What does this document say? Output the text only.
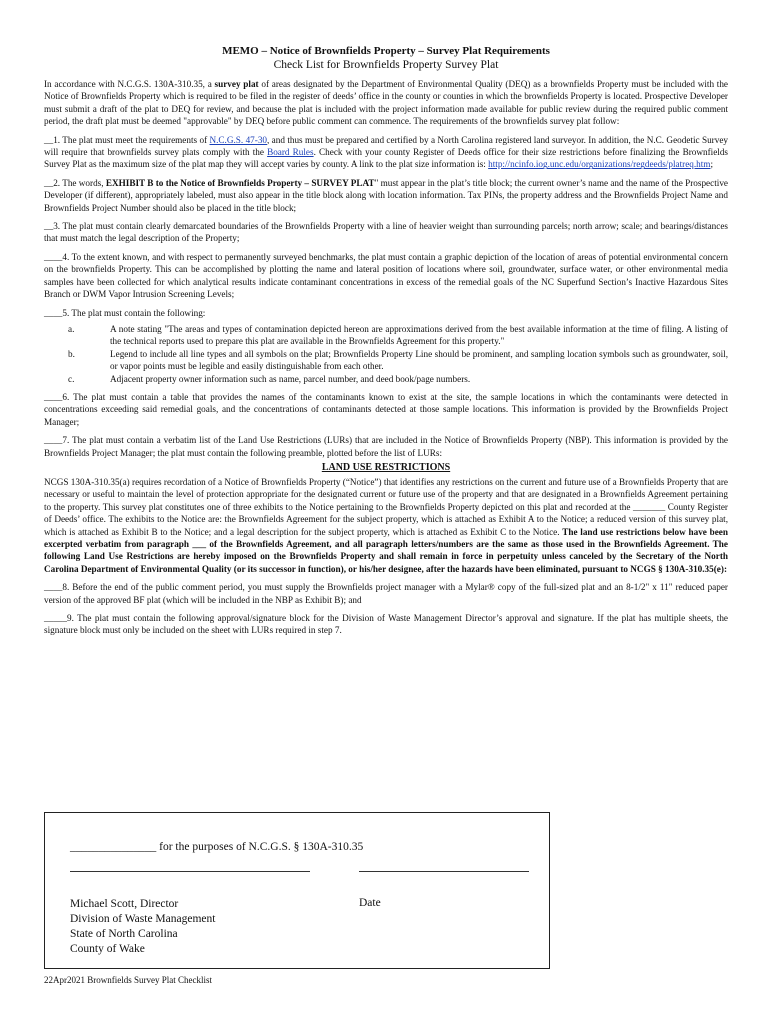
MEMO – Notice of Brownfields Property – Survey Plat Requirements
Check List for Brownfields Property Survey Plat

In accordance with N.C.G.S. 130A-310.35, a survey plat of areas designated by the Department of Environmental Quality (DEQ) as a brownfields Property must be included with the Notice of Brownfields Property which is required to be filed in the register of deeds’ office in the county or counties in which the brownfields Property is located. Prospective Developer must submit a draft of the plat to DEQ for review, and because the plat is included with the project information made available for public review during the required public comment period, the draft plat must be deemed "approvable" by DEQ before public comment can commence. The requirements of the brownfields survey plat follow:

__1. The plat must meet the requirements of N.C.G.S. 47-30, and thus must be prepared and certified by a North Carolina registered land surveyor. In addition, the N.C. Geodetic Survey will require that brownfields survey plats comply with the Board Rules. Check with your county Register of Deeds office for their size restrictions before finalizing the Brownfields Survey Plat as the maximum size of the plat map they will accept varies by county. A link to the plat size information is: http://ncinfo.iog.unc.edu/organizations/regdeeds/platreq.htm;

__2. The words, EXHIBIT B to the Notice of Brownfields Property – SURVEY PLAT" must appear in the plat’s title block; the current owner’s name and the name of the Prospective Developer (if different), appropriately labeled, must also appear in the title block along with location information. Tax PINs, the property address and the Brownfields Project Name and Brownfields Project Number should also be placed in the title block;

__3. The plat must contain clearly demarcated boundaries of the Brownfields Property with a line of heavier weight than surrounding parcels; north arrow; scale; and bearings/distances that must match the legal description of the Property;

____4. To the extent known, and with respect to permanently surveyed benchmarks, the plat must contain a graphic depiction of the location of areas of potential environmental concern on the brownfields Property. This can be accomplished by plotting the name and lateral position of locations where soil, groundwater, surface water, or other environmental media samples have been collected for which analytical results indicate contaminant concentrations in excess of the remedial goals of the NC Superfund Section’s Inactive Hazardous Sites Branch or DWM Vapor Intrusion Screening Levels;

____5. The plat must contain the following:

a.	A note stating "The areas and types of contamination depicted hereon are approximations derived from the best available information at the time of filing. A listing of the technical reports used to prepare this plat are available in the Brownfields Agreement for this property."
b.	Legend to include all line types and all symbols on the plat; Brownfields Property Line should be prominent, and sampling location symbols such as groundwater, soil, or vapor points must be legible and easily distinguishable from each other.
c.	Adjacent property owner information such as name, parcel number, and deed book/page numbers.

____6. The plat must contain a table that provides the names of the contaminants known to exist at the site, the sample locations in which the contaminants were detected in concentrations exceeding said remedial goals, and the concentrations of contaminants detected at those sample locations. This information is provided by the Brownfields Project Manager;

____7. The plat must contain a verbatim list of the Land Use Restrictions (LURs) that are included in the Notice of Brownfields Property (NBP). This information is provided by the Brownfields Project Manager; the plat must contain the following preamble, plotted before the list of LURs:

LAND USE RESTRICTIONS

NCGS 130A-310.35(a) requires recordation of a Notice of Brownfields Property (“Notice”) that identifies any restrictions on the current and future use of a Brownfields Property that are necessary or useful to maintain the level of protection appropriate for the designated current or future use of the property and that are designated in a Brownfields Agreement pertaining to the property. This survey plat constitutes one of three exhibits to the Notice pertaining to the Brownfields Property depicted on this plat and recorded at the _______ County Register of Deeds’ office. The exhibits to the Notice are: the Brownfields Agreement for the subject property, which is attached as Exhibit A to the Notice; a reduced version of this survey plat, which is attached as Exhibit B to the Notice; and a legal description for the subject property, which is attached as Exhibit C to the Notice. The land use restrictions below have been excerpted verbatim from paragraph ___ of the Brownfields Agreement, and all paragraph letters/numbers are the same as those used in the Brownfields Agreement. The following Land Use Restrictions are hereby imposed on the Brownfields Property and shall remain in force in perpetuity unless canceled by the Secretary of the North Carolina Department of Environmental Quality (or its successor in function), or his/her designee, after the hazards have been eliminated, pursuant to NCGS § 130A-310.35(e):

____8. Before the end of the public comment period, you must supply the Brownfields project manager with a Mylar® copy of the full-sized plat and an 8-1/2" x 11" reduced paper version of the approved BF plat (which will be included in the NBP as Exhibit B); and

_____9. The plat must contain the following approval/signature block for the Division of Waste Management Director’s approval and signature. If the plat has multiple sheets, the signature block must only be included on the sheet with LURs required in step 7.

_______________ for the purposes of N.C.G.S. § 130A-310.35
Michael Scott, Director
Division of Waste Management
State of North Carolina
County of Wake
Date
22Apr2021 Brownfields Survey Plat Checklist
